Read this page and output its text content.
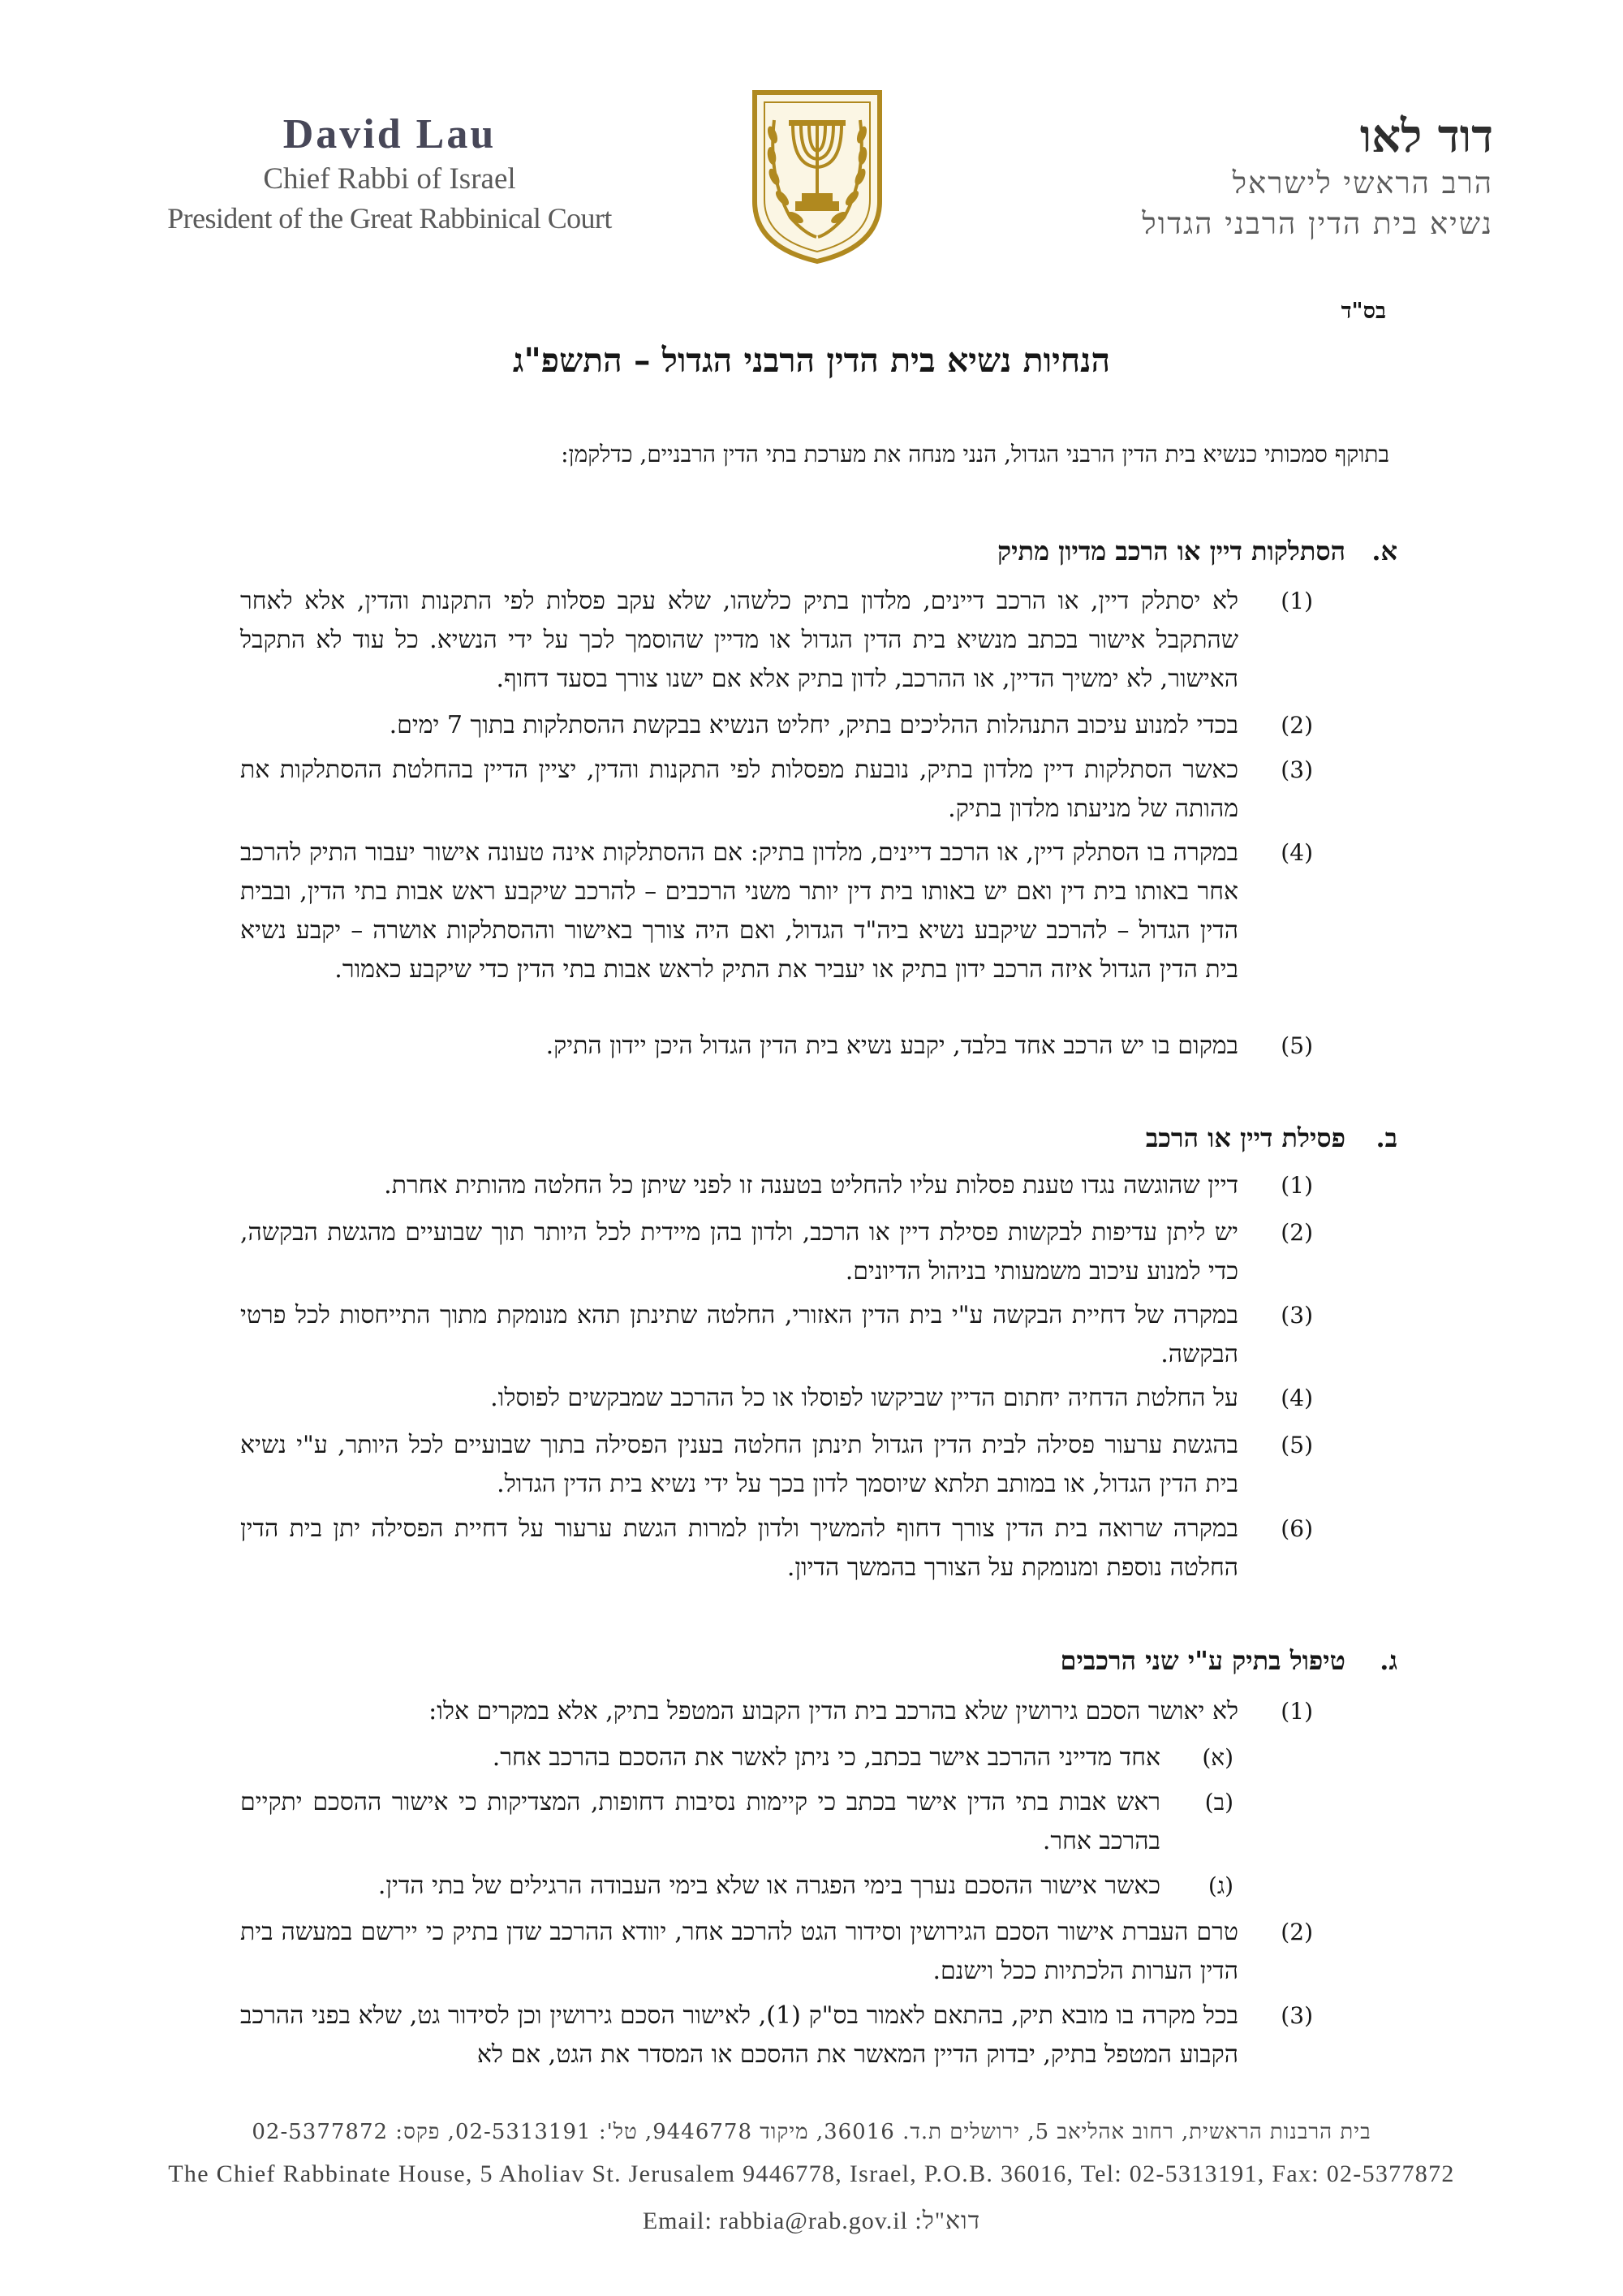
David Lau
Chief Rabbi of Israel
President of the Great Rabbinical Court
דוד לאו
הרב הראשי לישראל
נשיא בית הדין הרבני הגדול
בס"ד
הנחיות נשיא בית הדין הרבני הגדול – התשפ"ג
בתוקף סמכותי כנשיא בית הדין הרבני הגדול, הנני מנחה את מערכת בתי הדין הרבניים, כדלקמן:
א.
הסתלקות דיין או הרכב מדיון מתיק
(1)
לא יסתלק דיין, או הרכב דיינים, מלדון בתיק כלשהו, שלא עקב פסלות לפי התקנות והדין, אלא לאחר שהתקבל אישור בכתב מנשיא בית הדין הגדול או מדיין שהוסמך לכך על ידי הנשיא. כל עוד לא התקבל האישור, לא ימשיך הדיין, או ההרכב, לדון בתיק אלא אם ישנו צורך בסעד דחוף.
(2)
בכדי למנוע עיכוב התנהלות ההליכים בתיק, יחליט הנשיא בבקשת ההסתלקות בתוך 7 ימים.
(3)
כאשר הסתלקות דיין מלדון בתיק, נובעת מפסלות לפי התקנות והדין, יציין הדיין בהחלטת ההסתלקות את מהותה של מניעתו מלדון בתיק.
(4)
במקרה בו הסתלק דיין, או הרכב דיינים, מלדון בתיק: אם ההסתלקות אינה טעונה אישור יעבור התיק להרכב אחר באותו בית דין ואם יש באותו בית דין יותר משני הרכבים – להרכב שיקבע ראש אבות בתי הדין, ובבית הדין הגדול – להרכב שיקבע נשיא ביה"ד הגדול, ואם היה צורך באישור וההסתלקות אושרה – יקבע נשיא בית הדין הגדול איזה הרכב ידון בתיק או יעביר את התיק לראש אבות בתי הדין כדי שיקבע כאמור.
(5)
במקום בו יש הרכב אחד בלבד, יקבע נשיא בית הדין הגדול היכן יידון התיק.
ב.
פסילת דיין או הרכב
(1)
דיין שהוגשה נגדו טענת פסלות עליו להחליט בטענה זו לפני שיתן כל החלטה מהותית אחרת.
(2)
יש ליתן עדיפות לבקשות פסילת דיין או הרכב, ולדון בהן מיידית לכל היותר תוך שבועיים מהגשת הבקשה, כדי למנוע עיכוב משמעותי בניהול הדיונים.
(3)
במקרה של דחיית הבקשה ע"י בית הדין האזורי, החלטה שתינתן תהא מנומקת מתוך התייחסות לכל פרטי הבקשה.
(4)
על החלטת הדחיה יחתום הדיין שביקשו לפוסלו או כל ההרכב שמבקשים לפוסלו.
(5)
בהגשת ערעור פסילה לבית הדין הגדול תינתן החלטה בענין הפסילה בתוך שבועיים לכל היותר, ע"י נשיא בית הדין הגדול, או במותב תלתא שיוסמך לדון בכך על ידי נשיא בית הדין הגדול.
(6)
במקרה שרואה בית הדין צורך דחוף להמשיך ולדון למרות הגשת ערעור על דחיית הפסילה יתן בית הדין החלטה נוספת ומנומקת על הצורך בהמשך הדיון.
ג.
טיפול בתיק ע"י שני הרכבים
(1)
לא יאושר הסכם גירושין שלא בהרכב בית הדין הקבוע המטפל בתיק, אלא במקרים אלו:
(א)
אחד מדייני ההרכב אישר בכתב, כי ניתן לאשר את ההסכם בהרכב אחר.
(ב)
ראש אבות בתי הדין אישר בכתב כי קיימות נסיבות דחופות, המצדיקות כי אישור ההסכם יתקיים בהרכב אחר.
(ג)
כאשר אישור ההסכם נערך בימי הפגרה או שלא בימי העבודה הרגילים של בתי הדין.
(2)
טרם העברת אישור הסכם הגירושין וסידור הגט להרכב אחר, יוודא ההרכב שדן בתיק כי יירשם במעשה בית הדין הערות הלכתיות ככל וישנם.
(3)
בכל מקרה בו מובא תיק, בהתאם לאמור בס"ק (1), לאישור הסכם גירושין וכן לסידור גט, שלא בפני ההרכב הקבוע המטפל בתיק, יבדוק הדיין המאשר את ההסכם או המסדר את הגט, אם לא
בית הרבנות הראשית, רחוב אהליאב 5, ירושלים ת.ד. 36016, מיקוד 9446778, טל': 02-5313191, פקס: 02-5377872
The Chief Rabbinate House, 5 Aholiav St. Jerusalem 9446778, Israel, P.O.B. 36016, Tel: 02-5313191, Fax: 02-5377872
Email: rabbia@rab.gov.il :דוא"ל
